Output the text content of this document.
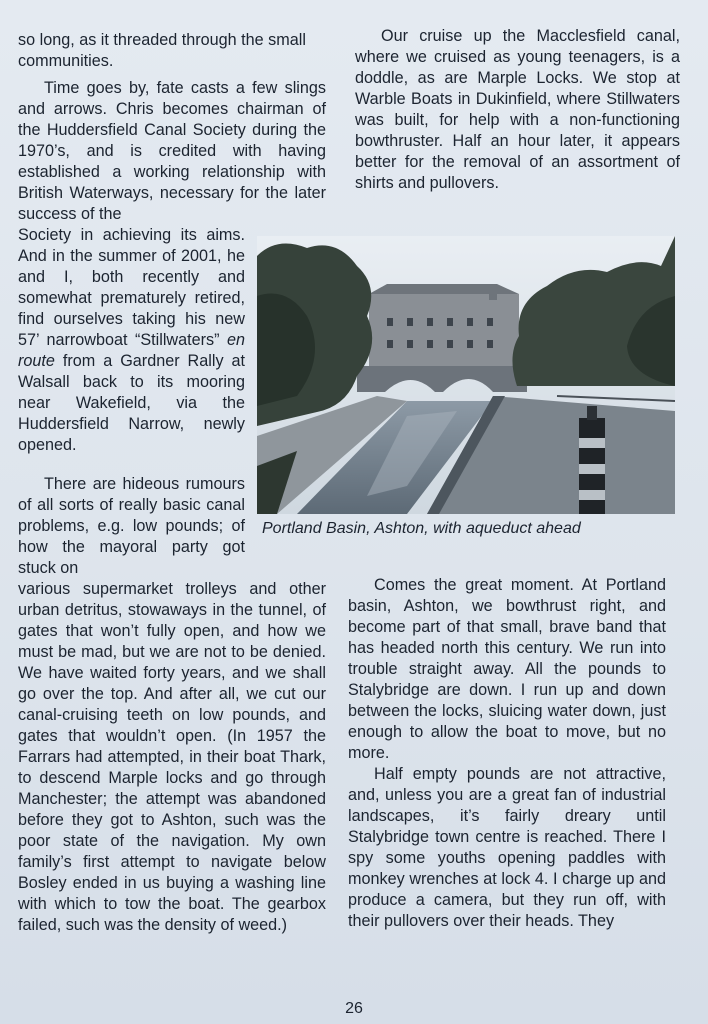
so long, as it threaded through the small communities.

Time goes by, fate casts a few slings and arrows. Chris becomes chairman of the Huddersfield Canal Society during the 1970’s, and is credited with having established a working relationship with British Waterways, necessary for the later success of the

Society in achieving its aims. And in the summer of 2001, he and I, both recently and somewhat prematurely retired, find ourselves taking his new 57’ narrowboat “Stillwaters” en route from a Gardner Rally at Walsall back to its mooring near Wakefield, via the Huddersfield Narrow, newly opened.

There are hideous rumours of all sorts of really basic canal problems, e.g. low pounds; of how the mayoral party got stuck on

various supermarket trolleys and other urban detritus, stowaways in the tunnel, of gates that won’t fully open, and how we must be mad, but we are not to be denied. We have waited forty years, and we shall go over the top. And after all, we cut our canal-cruising teeth on low pounds, and gates that wouldn’t open. (In 1957 the Farrars had attempted, in their boat Thark, to descend Marple locks and go through Manchester; the attempt was abandoned before they got to Ashton, such was the poor state of the navigation. My own family’s first attempt to navigate below Bosley ended in us buying a washing line with which to tow the boat. The gearbox failed, such was the density of weed.)

Our cruise up the Macclesfield canal, where we cruised as young teenagers, is a doddle, as are Marple Locks. We stop at Warble Boats in Dukinfield, where Stillwaters was built, for help with a non-functioning bowthruster. Half an hour later, it appears better for the removal of an assortment of shirts and pullovers.

Portland Basin, Ashton, with aqueduct ahead

Comes the great moment. At Portland basin, Ashton, we bowthrust right, and become part of that small, brave band that has headed north this century. We run into trouble straight away. All the pounds to Stalybridge are down. I run up and down between the locks, sluicing water down, just enough to allow the boat to move, but no more.

Half empty pounds are not attractive, and, unless you are a great fan of industrial landscapes, it’s fairly dreary until Stalybridge town centre is reached. There I spy some youths opening paddles with monkey wrenches at lock 4. I charge up and produce a camera, but they run off, with their pullovers over their heads. They

26
